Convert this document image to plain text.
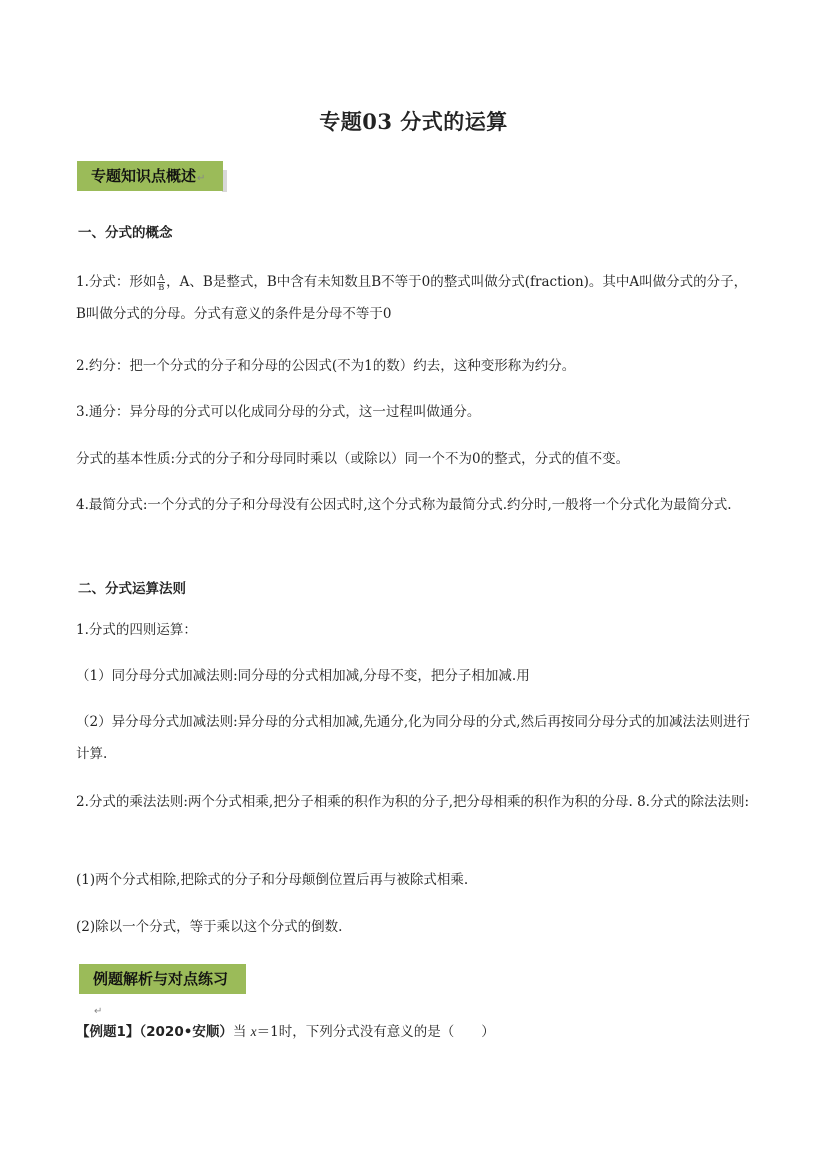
专题03 分式的运算
专题知识点概述↵
一、分式的概念

1.分式：形如 $\frac{A}{B}$ ，A、B是整式，B中含有未知数且B不等于0的整式叫做分式(fraction)。其中A叫做分式的分子，B叫做分式的分母。分式有意义的条件是分母不等于0

2.约分：把一个分式的分子和分母的公因式(不为1的数）约去，这种变形称为约分。

3.通分：异分母的分式可以化成同分母的分式，这一过程叫做通分。

分式的基本性质:分式的分子和分母同时乘以（或除以）同一个不为0的整式，分式的值不变。

4.最简分式:一个分式的分子和分母没有公因式时,这个分式称为最简分式.约分时,一般将一个分式化为最简分式.

二、分式运算法则

1.分式的四则运算：

（1）同分母分式加减法则:同分母的分式相加减,分母不变，把分子相加减.用

（2）异分母分式加减法则:异分母的分式相加减,先通分,化为同分母的分式,然后再按同分母分式的加减法法则进行计算.

2.分式的乘法法则:两个分式相乘,把分子相乘的积作为积的分子,把分母相乘的积作为积的分母. 8.分式的除法法则:

(1)两个分式相除,把除式的分子和分母颠倒位置后再与被除式相乘.

(2)除以一个分式，等于乘以这个分式的倒数.

例题解析与对点练习↵
【例题1】（2020•安顺）当 x＝1时，下列分式没有意义的是（　　）
